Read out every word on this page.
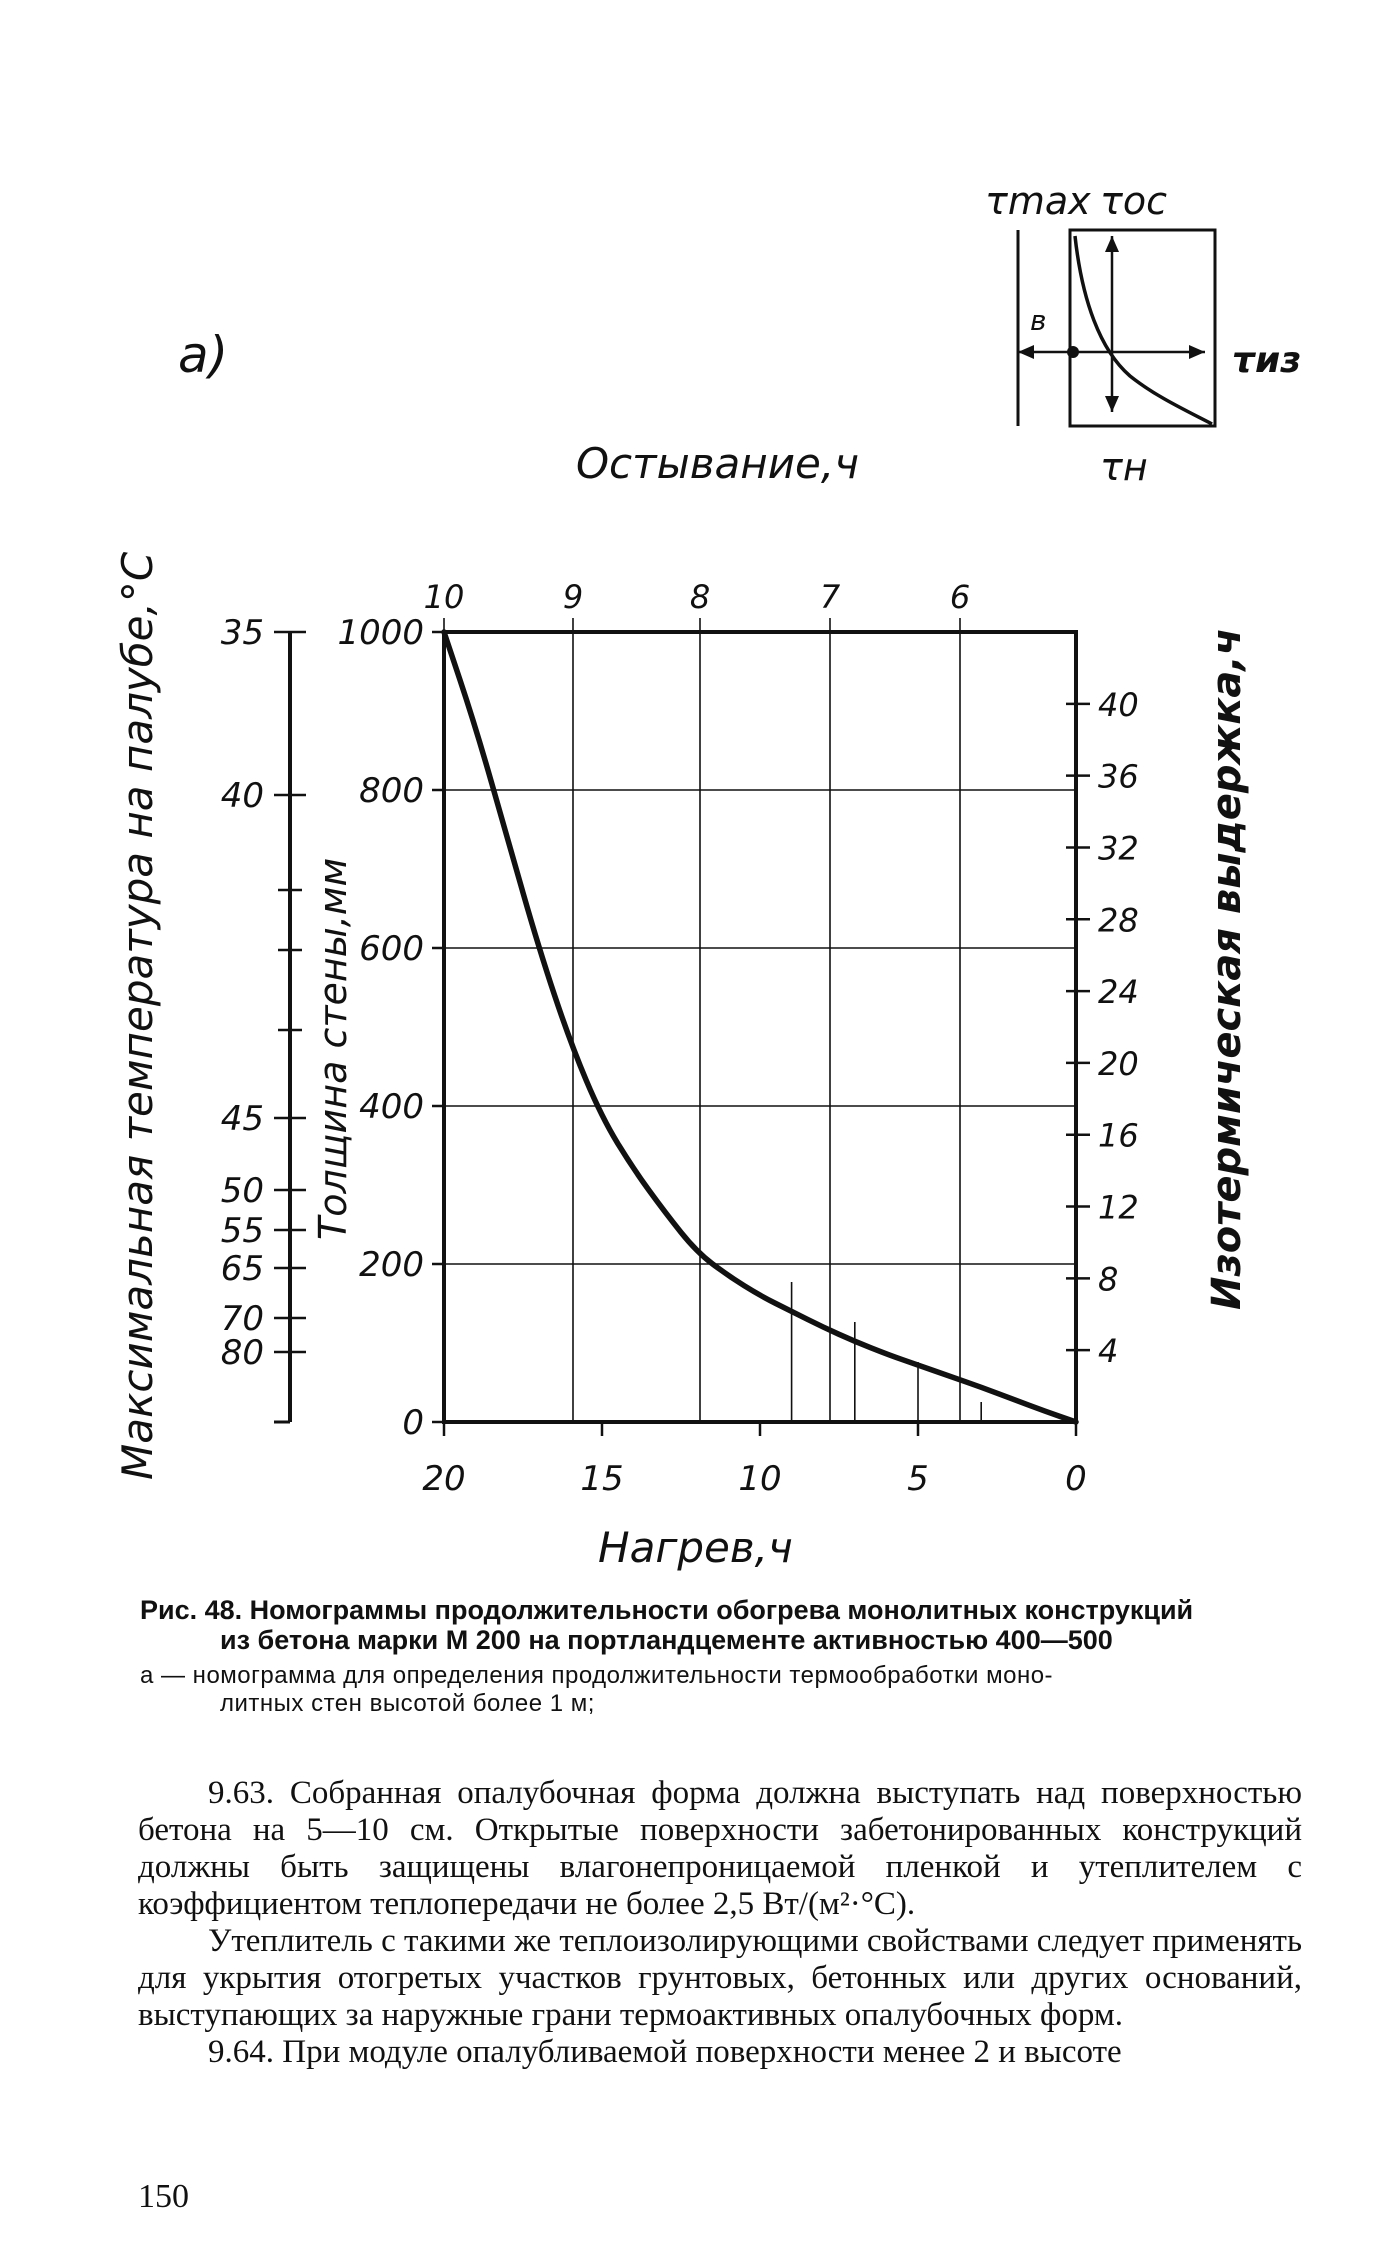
а)
τmax τос
τиз
τн
в
Остывание,ч
0
200
400
600
800
1000
10	9	8	7	6
20	15	10	5	0
4
8
12
16
20
24
28
32
36
40
35
40
45
50
55
65
70
80
Максимальная температура на палубе,°С	Толщина стены,мм	Изотермическая выдержка,ч
Нагрев,ч
Рис. 48. Номограммы продолжительности обогрева монолитных конструкций
из бетона марки М 200 на портландцементе активностью 400—500
а — номограмма для определения продолжительности термообработки моно-
литных стен высотой более 1 м;

9.63. Собранная опалубочная форма должна выступать над поверхностью бетона на 5—10 см. Открытые поверхности забетонированных конструкций должны быть защищены влагонепроницаемой пленкой и утеплителем с коэффициентом теплопередачи не более 2,5 Вт/(м²·°С).

Утеплитель с такими же теплоизолирующими свойствами следует применять для укрытия отогретых участков грунтовых, бетонных или других оснований, выступающих за наружные грани термоактивных опалубочных форм.

9.64. При модуле опалубливаемой поверхности менее 2 и высоте

150
